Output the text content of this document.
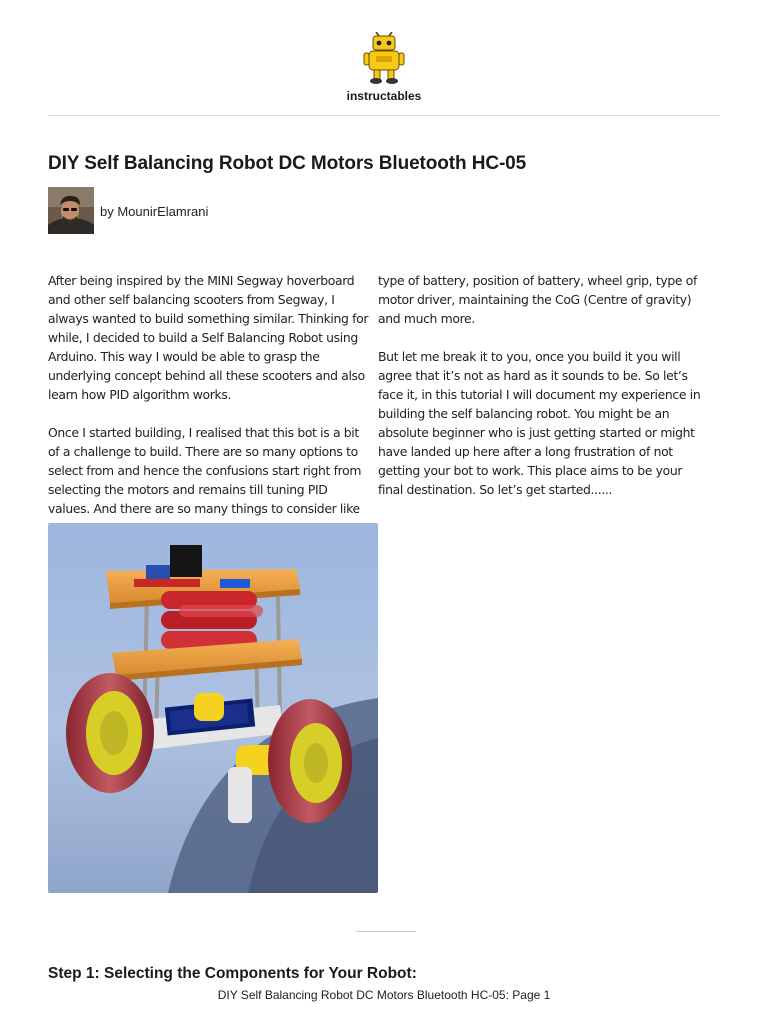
instructables
DIY Self Balancing Robot DC Motors Bluetooth HC-05
by MounirElamrani

After being inspired by the MINI Segway hoverboard and other self balancing scooters from Segway, I always wanted to build something similar. Thinking for while, I decided to build a Self Balancing Robot using Arduino. This way I would be able to grasp the underlying concept behind all these scooters and also learn how PID algorithm works.

Once I started building, I realised that this bot is a bit of a challenge to build. There are so many options to select from and hence the confusions start right from selecting the motors and remains till tuning PID values. And there are so many things to consider like

type of battery, position of battery, wheel grip, type of motor driver, maintaining the CoG (Centre of gravity) and much more.

But let me break it to you, once you build it you will agree that it’s not as hard as it sounds to be. So let’s face it, in this tutorial I will document my experience in building the self balancing robot. You might be an absolute beginner who is just getting started or might have landed up here after a long frustration of not getting your bot to work. This place aims to be your final destination. So let’s get started......

Step 1: Selecting the Components for Your Robot:
DIY Self Balancing Robot DC Motors Bluetooth HC-05: Page 1
